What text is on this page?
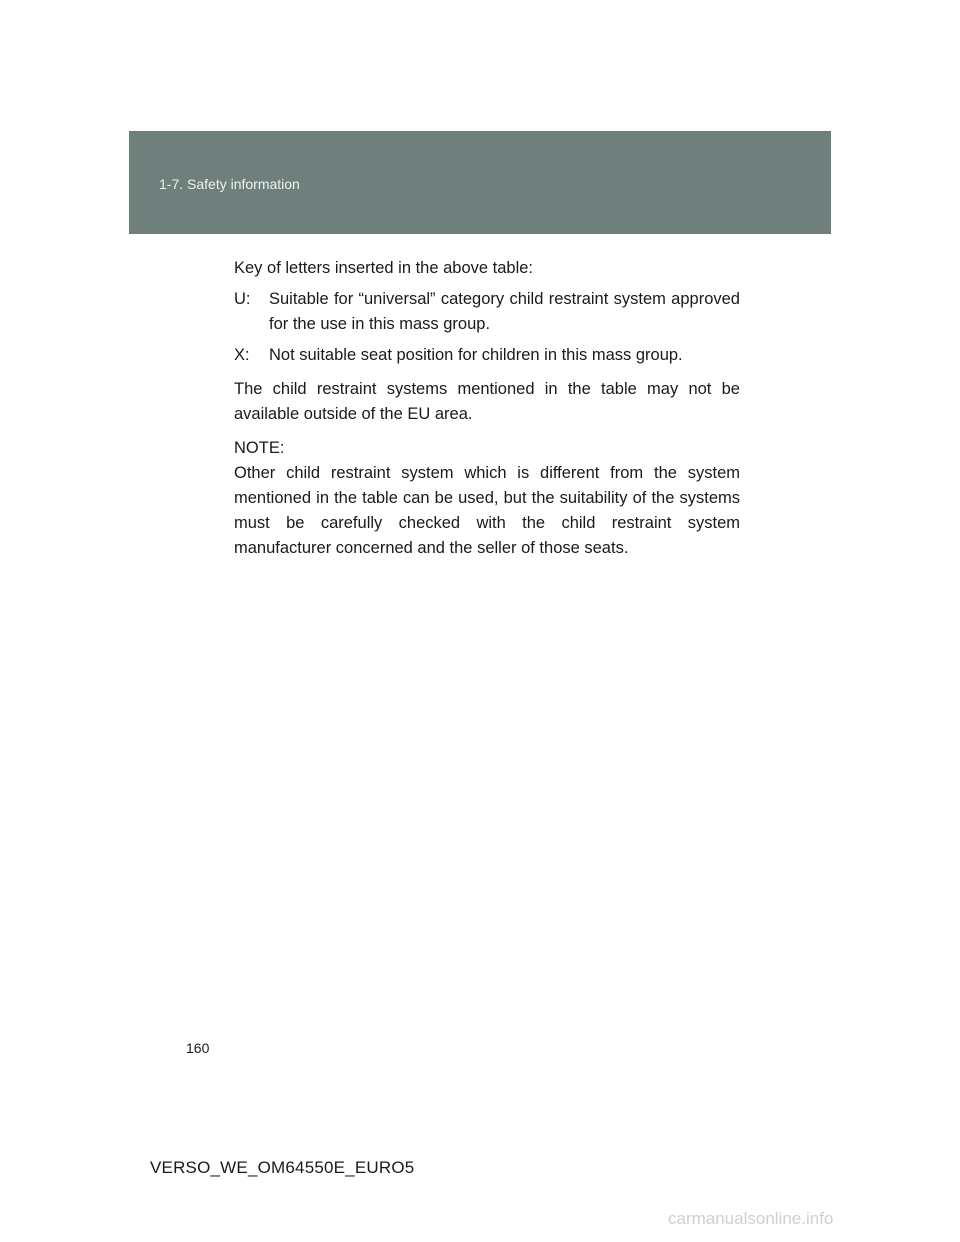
1-7. Safety information

Key of letters inserted in the above table:

U:	Suitable for “universal” category child restraint system approved for the use in this mass group.
X:	Not suitable seat position for children in this mass group.

The child restraint systems mentioned in the table may not be available outside of the EU area.

NOTE:

Other child restraint system which is different from the system mentioned in the table can be used, but the suitability of the systems must be carefully checked with the child restraint system manufacturer concerned and the seller of those seats.

160
VERSO_WE_OM64550E_EURO5
carmanualsonline.info
